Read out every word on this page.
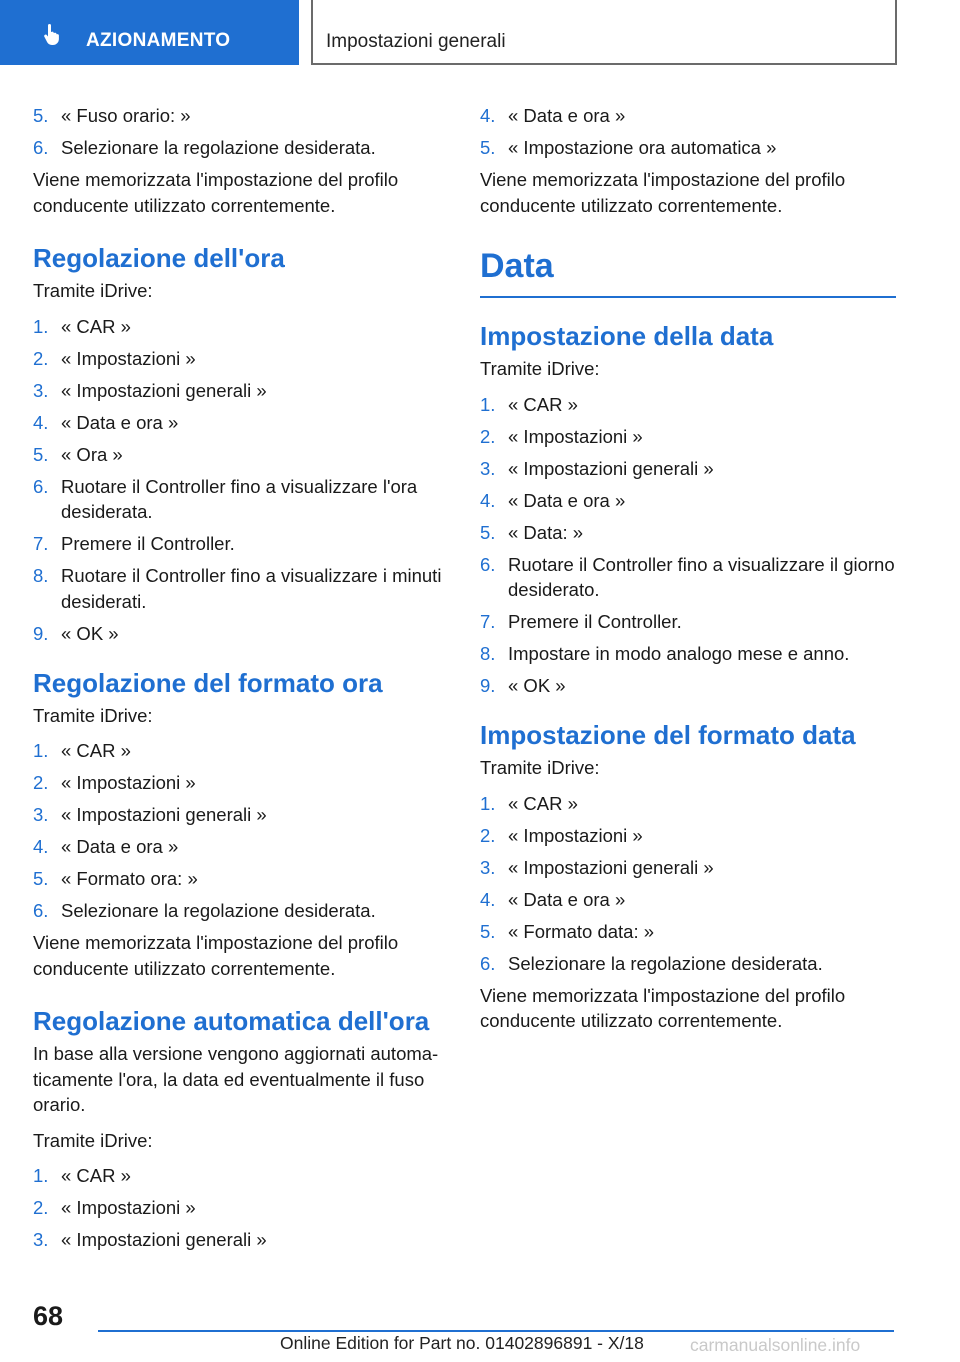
AZIONAMENTO	Impostazioni generali
5. « Fuso orario: »
6. Selezionare la regolazione desiderata.

Viene memorizzata l'impostazione del profilo conducente utilizzato correntemente.

Regolazione dell'ora

Tramite iDrive:

1. « CAR »
2. « Impostazioni »
3. « Impostazioni generali »
4. « Data e ora »
5. « Ora »
6. Ruotare il Controller fino a visualizzare l'ora desiderata.
7. Premere il Controller.
8. Ruotare il Controller fino a visualizzare i minuti desiderati.
9. « OK »
Regolazione del formato ora

Tramite iDrive:

1. « CAR »
2. « Impostazioni »
3. « Impostazioni generali »
4. « Data e ora »
5. « Formato ora: »
6. Selezionare la regolazione desiderata.

Viene memorizzata l'impostazione del profilo conducente utilizzato correntemente.

Regolazione automatica dell'ora

In base alla versione vengono aggiornati automa-ticamente l'ora, la data ed eventualmente il fuso orario.

Tramite iDrive:

1. « CAR »
2. « Impostazioni »
3. « Impostazioni generali »
4. « Data e ora »
5. « Impostazione ora automatica »

Viene memorizzata l'impostazione del profilo conducente utilizzato correntemente.

Data
Impostazione della data

Tramite iDrive:

1. « CAR »
2. « Impostazioni »
3. « Impostazioni generali »
4. « Data e ora »
5. « Data: »
6. Ruotare il Controller fino a visualizzare il giorno desiderato.
7. Premere il Controller.
8. Impostare in modo analogo mese e anno.
9. « OK »
Impostazione del formato data

Tramite iDrive:

1. « CAR »
2. « Impostazioni »
3. « Impostazioni generali »
4. « Data e ora »
5. « Formato data: »
6. Selezionare la regolazione desiderata.

Viene memorizzata l'impostazione del profilo conducente utilizzato correntemente.

68
Online Edition for Part no. 01402896891 - X/18	carmanualsonline.info
